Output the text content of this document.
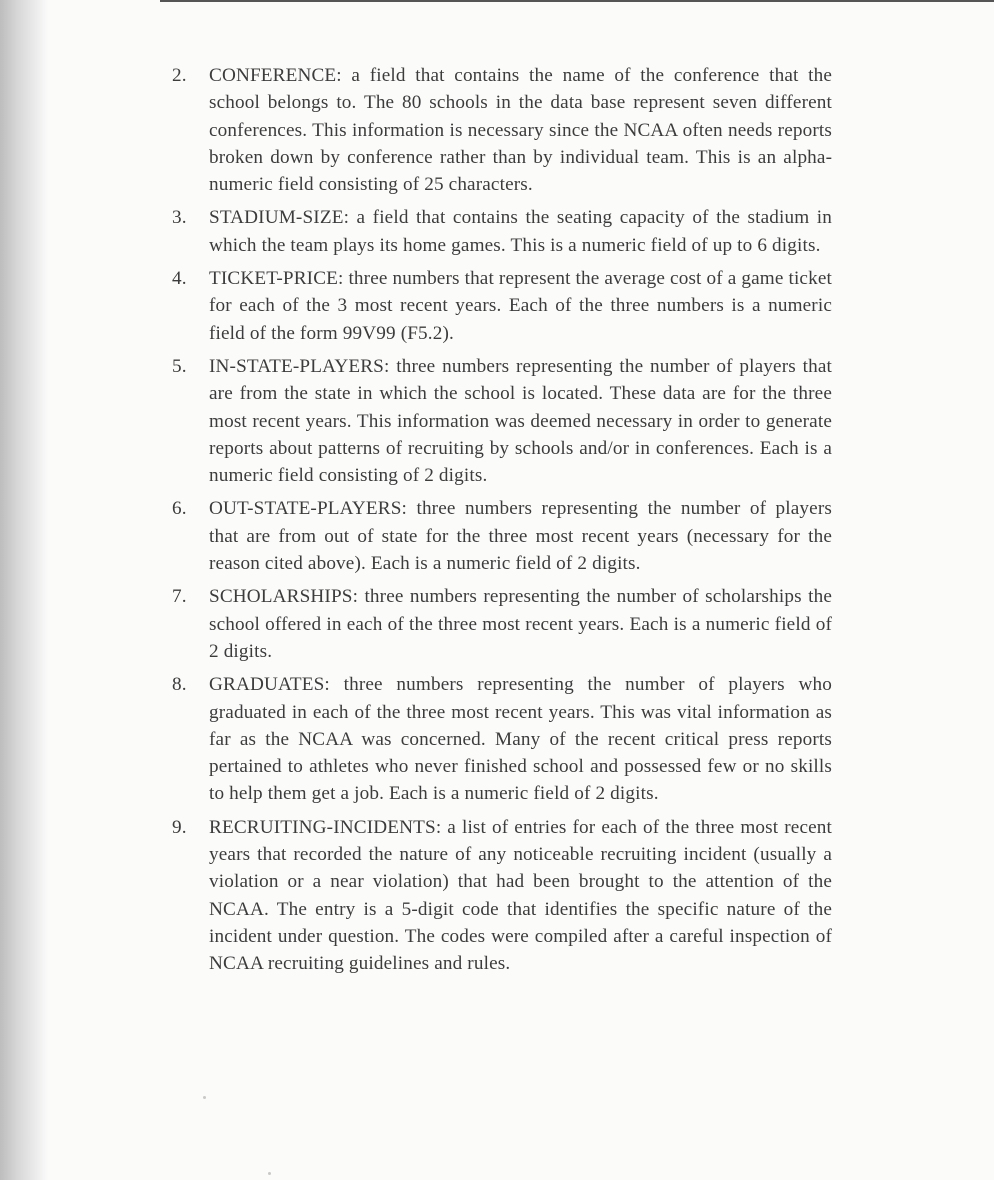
2. CONFERENCE: a field that contains the name of the conference that the school belongs to. The 80 schools in the data base represent seven different conferences. This information is necessary since the NCAA often needs reports broken down by conference rather than by individual team. This is an alphanumeric field consisting of 25 characters.
3. STADIUM-SIZE: a field that contains the seating capacity of the stadium in which the team plays its home games. This is a numeric field of up to 6 digits.
4. TICKET-PRICE: three numbers that represent the average cost of a game ticket for each of the 3 most recent years. Each of the three numbers is a numeric field of the form 99V99 (F5.2).
5. IN-STATE-PLAYERS: three numbers representing the number of players that are from the state in which the school is located. These data are for the three most recent years. This information was deemed necessary in order to generate reports about patterns of recruiting by schools and/or in conferences. Each is a numeric field consisting of 2 digits.
6. OUT-STATE-PLAYERS: three numbers representing the number of players that are from out of state for the three most recent years (necessary for the reason cited above). Each is a numeric field of 2 digits.
7. SCHOLARSHIPS: three numbers representing the number of scholarships the school offered in each of the three most recent years. Each is a numeric field of 2 digits.
8. GRADUATES: three numbers representing the number of players who graduated in each of the three most recent years. This was vital information as far as the NCAA was concerned. Many of the recent critical press reports pertained to athletes who never finished school and possessed few or no skills to help them get a job. Each is a numeric field of 2 digits.
9. RECRUITING-INCIDENTS: a list of entries for each of the three most recent years that recorded the nature of any noticeable recruiting incident (usually a violation or a near violation) that had been brought to the attention of the NCAA. The entry is a 5-digit code that identifies the specific nature of the incident under question. The codes were compiled after a careful inspection of NCAA recruiting guidelines and rules.
